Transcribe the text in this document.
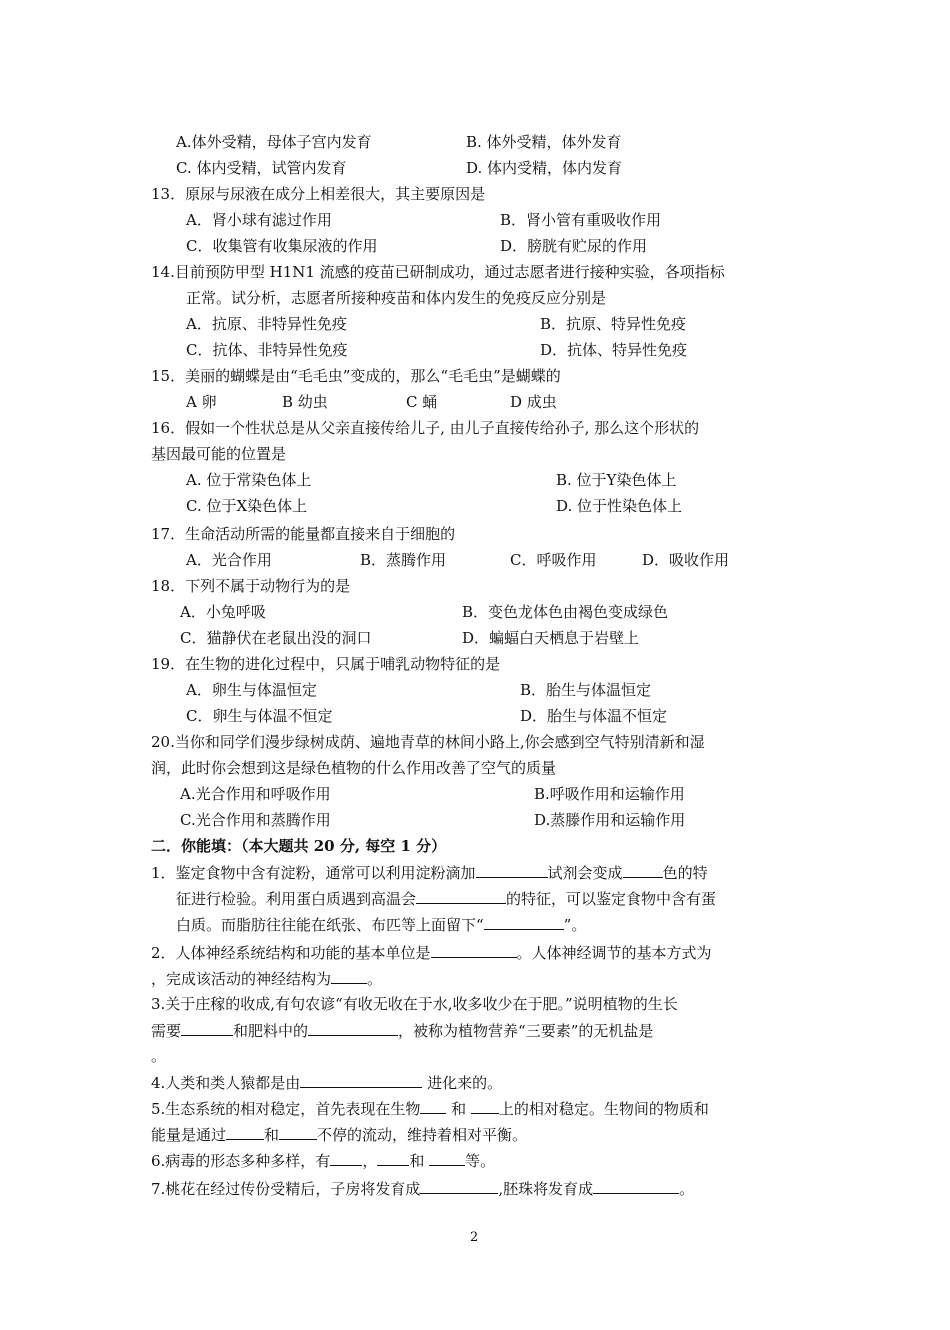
A.体外受精，母体子宫内发育	B. 体外受精，体外发育
C. 体内受精，试管内发育	D. 体内受精，体内发育
13．原尿与尿液在成分上相差很大，其主要原因是
A．肾小球有滤过作用	B．肾小管有重吸收作用
C．收集管有收集尿液的作用	D．膀胱有贮尿的作用
14.目前预防甲型 H1N1 流感的疫苗已研制成功，通过志愿者进行接种实验，各项指标
正常。试分析，志愿者所接种疫苗和体内发生的免疫反应分别是
A．抗原、非特异性免疫	B．抗原、特异性免疫
C．抗体、非特异性免疫	D．抗体、特异性免疫
15．美丽的蝴蝶是由“毛毛虫”变成的，那么“毛毛虫”是蝴蝶的
A 卵	B 幼虫	C 蛹	D 成虫
16．假如一个性状总是从父亲直接传给儿子, 由儿子直接传给孙子, 那么这个形状的
基因最可能的位置是
A. 位于常染色体上	B. 位于Y染色体上
C. 位于X染色体上	D. 位于性染色体上
17．生命活动所需的能量都直接来自于细胞的
A．光合作用	B．蒸腾作用	C．呼吸作用	D．吸收作用
18．下列不属于动物行为的是
A．小兔呼吸	B．变色龙体色由褐色变成绿色
C．猫静伏在老鼠出没的洞口	D．蝙蝠白天栖息于岩壁上
19．在生物的进化过程中，只属于哺乳动物特征的是
A．卵生与体温恒定	B．胎生与体温恒定
C．卵生与体温不恒定	D．胎生与体温不恒定
20.当你和同学们漫步绿树成荫、遍地青草的林间小路上,你会感到空气特别清新和湿
润，此时你会想到这是绿色植物的什么作用改善了空气的质量
A.光合作用和呼吸作用	B.呼吸作用和运输作用
C.光合作用和蒸腾作用	D.蒸滕作用和运输作用
二．你能填：（本大题共 20 分, 每空 1 分）
1．鉴定食物中含有淀粉，通常可以利用淀粉滴加	试剂会变成	色的特
征进行检验。利用蛋白质遇到高温会	的特征，可以鉴定食物中含有蛋
白质。而脂肪往往能在纸张、布匹等上面留下“	”。
2．人体神经系统结构和功能的基本单位是	。人体神经调节的基本方式为
，完成该活动的神经结构为 。
3.关于庄稼的收成,有句农谚“有收无收在于水,收多收少在于肥。”说明植物的生长
需要	和肥料中的	，被称为植物营养“三要素”的无机盐是
。
4.人类和类人猿都是由	进化来的。
5.生态系统的相对稳定，首先表现在生物 和 上的相对稳定。生物间的物质和
能量是通过	和	不停的流动，维持着相对平衡。
6.病毒的形态多种多样，有 ， 和	等。
7.桃花在经过传份受精后，子房将发育成	,胚珠将发育成	。
2
